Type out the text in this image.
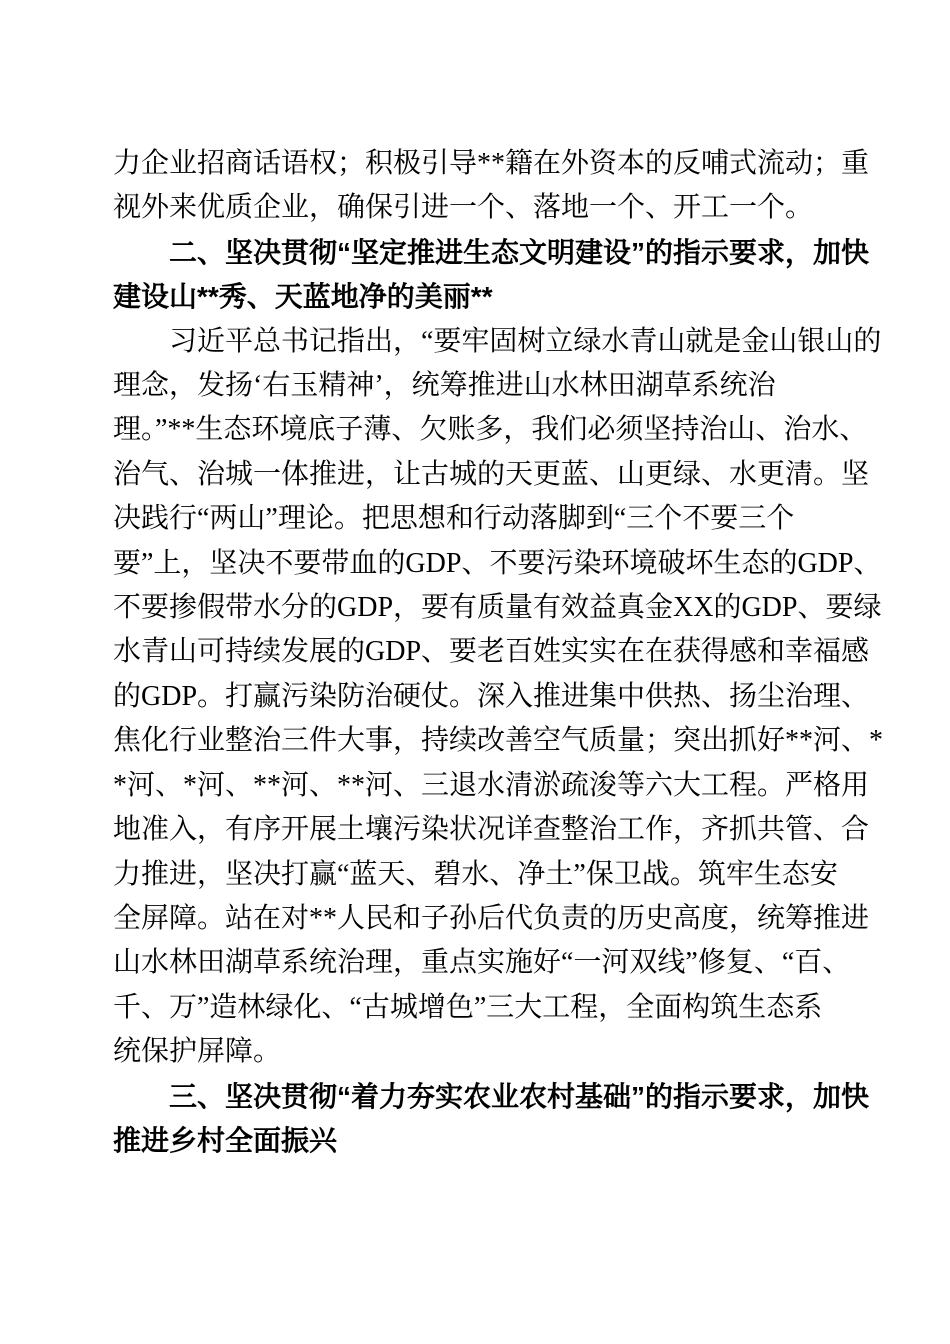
力企业招商话语权；积极引导**籍在外资本的反哺式流动；重
视外来优质企业，确保引进一个、落地一个、开工一个。
二、坚决贯彻“坚定推进生态文明建设”的指示要求，加快
建设山**秀、天蓝地净的美丽**
习近平总书记指出，“要牢固树立绿水青山就是金山银山的
理念，发扬‘右玉精神’，统筹推进山水林田湖草系统治
理。”**生态环境底子薄、欠账多，我们必须坚持治山、治水、
治气、治城一体推进，让古城的天更蓝、山更绿、水更清。坚
决践行“两山”理论。把思想和行动落脚到“三个不要三个
要”上，坚决不要带血的GDP、不要污染环境破坏生态的GDP、
不要掺假带水分的GDP，要有质量有效益真金XX的GDP、要绿
水青山可持续发展的GDP、要老百姓实实在在获得感和幸福感
的GDP。打赢污染防治硬仗。深入推进集中供热、扬尘治理、
焦化行业整治三件大事，持续改善空气质量；突出抓好**河、*
*河、*河、**河、**河、三退水清淤疏浚等六大工程。严格用
地准入，有序开展土壤污染状况详查整治工作，齐抓共管、合
力推进，坚决打赢“蓝天、碧水、净土”保卫战。筑牢生态安
全屏障。站在对**人民和子孙后代负责的历史高度，统筹推进
山水林田湖草系统治理，重点实施好“一河双线”修复、“百、
千、万”造林绿化、“古城增色”三大工程，全面构筑生态系
统保护屏障。
三、坚决贯彻“着力夯实农业农村基础”的指示要求，加快
推进乡村全面振兴
